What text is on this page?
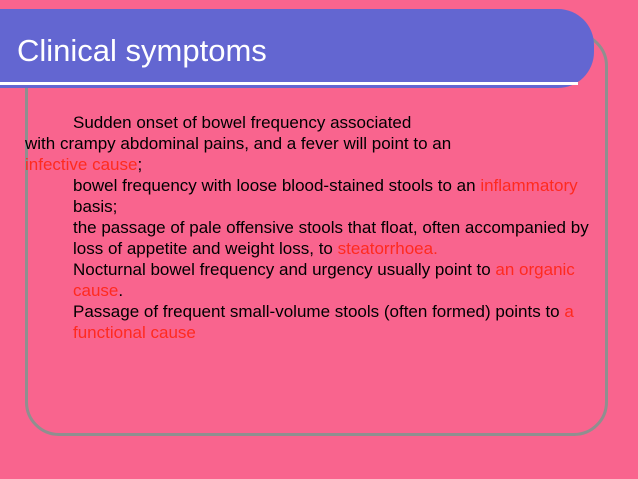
Clinical symptoms
Sudden onset of bowel frequency associated
with crampy abdominal pains, and a fever will point to an
infective cause;
bowel frequency with loose blood-stained stools to an inflammatory basis;
the passage of pale offensive stools that float, often accompanied by loss of appetite and weight loss, to steatorrhoea.
Nocturnal bowel frequency and urgency usually point to an organic cause.
Passage of frequent small-volume stools (often formed) points to a functional cause
